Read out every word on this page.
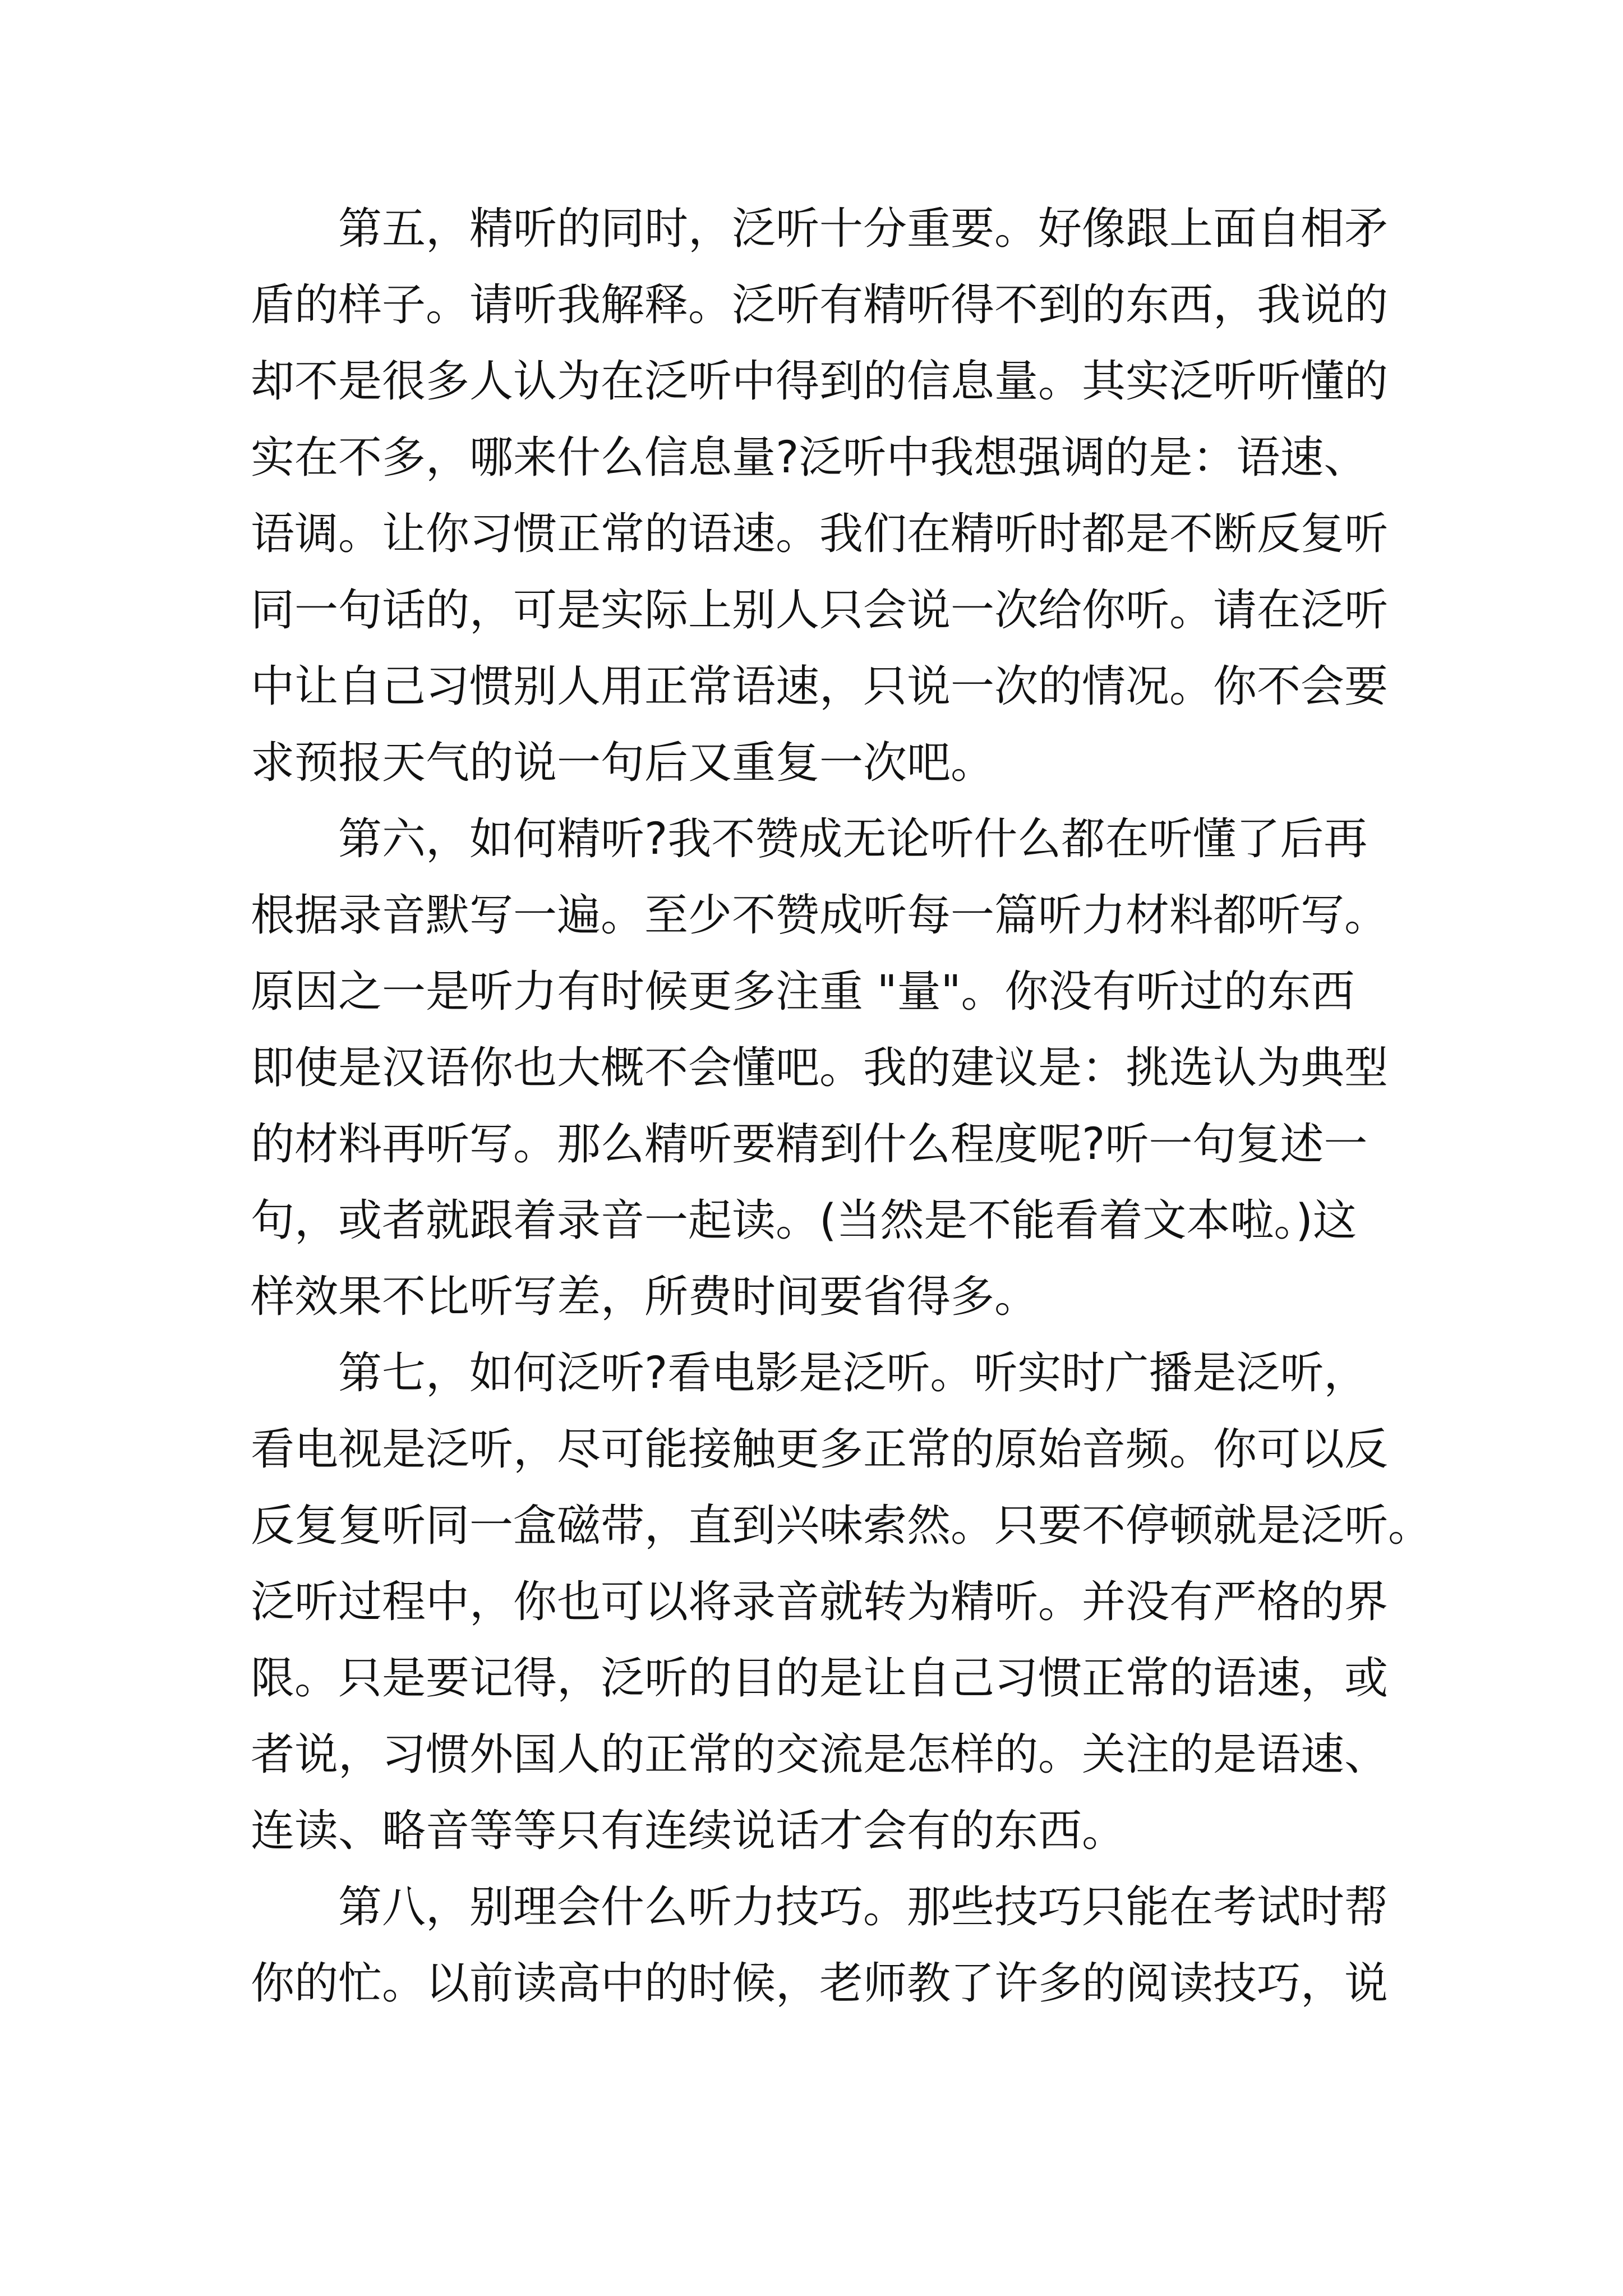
第五，精听的同时，泛听十分重要。好像跟上面自相矛
盾的样子。请听我解释。泛听有精听得不到的东西，我说的
却不是很多人认为在泛听中得到的信息量。其实泛听听懂的
实在不多，哪来什么信息量?泛听中我想强调的是：语速、
语调。让你习惯正常的语速。我们在精听时都是不断反复听
同一句话的，可是实际上别人只会说一次给你听。请在泛听
中让自己习惯别人用正常语速，只说一次的情况。你不会要
求预报天气的说一句后又重复一次吧。
第六，如何精听?我不赞成无论听什么都在听懂了后再
根据录音默写一遍。至少不赞成听每一篇听力材料都听写。
原因之一是听力有时候更多注重 "量"。你没有听过的东西
即使是汉语你也大概不会懂吧。我的建议是：挑选认为典型
的材料再听写。那么精听要精到什么程度呢?听一句复述一
句，或者就跟着录音一起读。(当然是不能看着文本啦。)这
样效果不比听写差，所费时间要省得多。
第七，如何泛听?看电影是泛听。听实时广播是泛听，
看电视是泛听，尽可能接触更多正常的原始音频。你可以反
反复复听同一盒磁带，直到兴味索然。只要不停顿就是泛听。
泛听过程中，你也可以将录音就转为精听。并没有严格的界
限。只是要记得，泛听的目的是让自己习惯正常的语速，或
者说，习惯外国人的正常的交流是怎样的。关注的是语速、
连读、略音等等只有连续说话才会有的东西。
第八，别理会什么听力技巧。那些技巧只能在考试时帮
你的忙。以前读高中的时候，老师教了许多的阅读技巧，说
